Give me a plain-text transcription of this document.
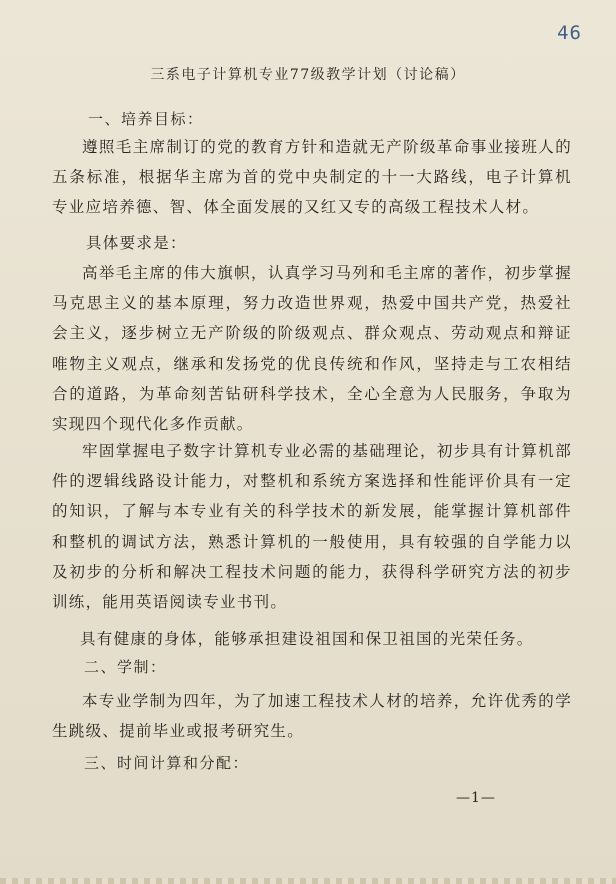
46
三系电子计算机专业77级教学计划（讨论稿）
一、培养目标：
遵照毛主席制订的党的教育方针和造就无产阶级革命事业接班人的五条标准，根据华主席为首的党中央制定的十一大路线，电子计算机专业应培养德、智、体全面发展的又红又专的高级工程技术人材。
具体要求是：
高举毛主席的伟大旗帜，认真学习马列和毛主席的著作，初步掌握马克思主义的基本原理，努力改造世界观，热爱中国共产党，热爱社会主义，逐步树立无产阶级的阶级观点、群众观点、劳动观点和辩证唯物主义观点，继承和发扬党的优良传统和作风，坚持走与工农相结合的道路，为革命刻苦钻研科学技术，全心全意为人民服务，争取为实现四个现代化多作贡献。
牢固掌握电子数字计算机专业必需的基础理论，初步具有计算机部件的逻辑线路设计能力，对整机和系统方案选择和性能评价具有一定的知识，了解与本专业有关的科学技术的新发展，能掌握计算机部件和整机的调试方法，熟悉计算机的一般使用，具有较强的自学能力以及初步的分析和解决工程技术问题的能力，获得科学研究方法的初步训练，能用英语阅读专业书刊。
具有健康的身体，能够承担建设祖国和保卫祖国的光荣任务。
二、学制：
本专业学制为四年，为了加速工程技术人材的培养，允许优秀的学生跳级、提前毕业或报考研究生。
三、时间计算和分配：
—1—
